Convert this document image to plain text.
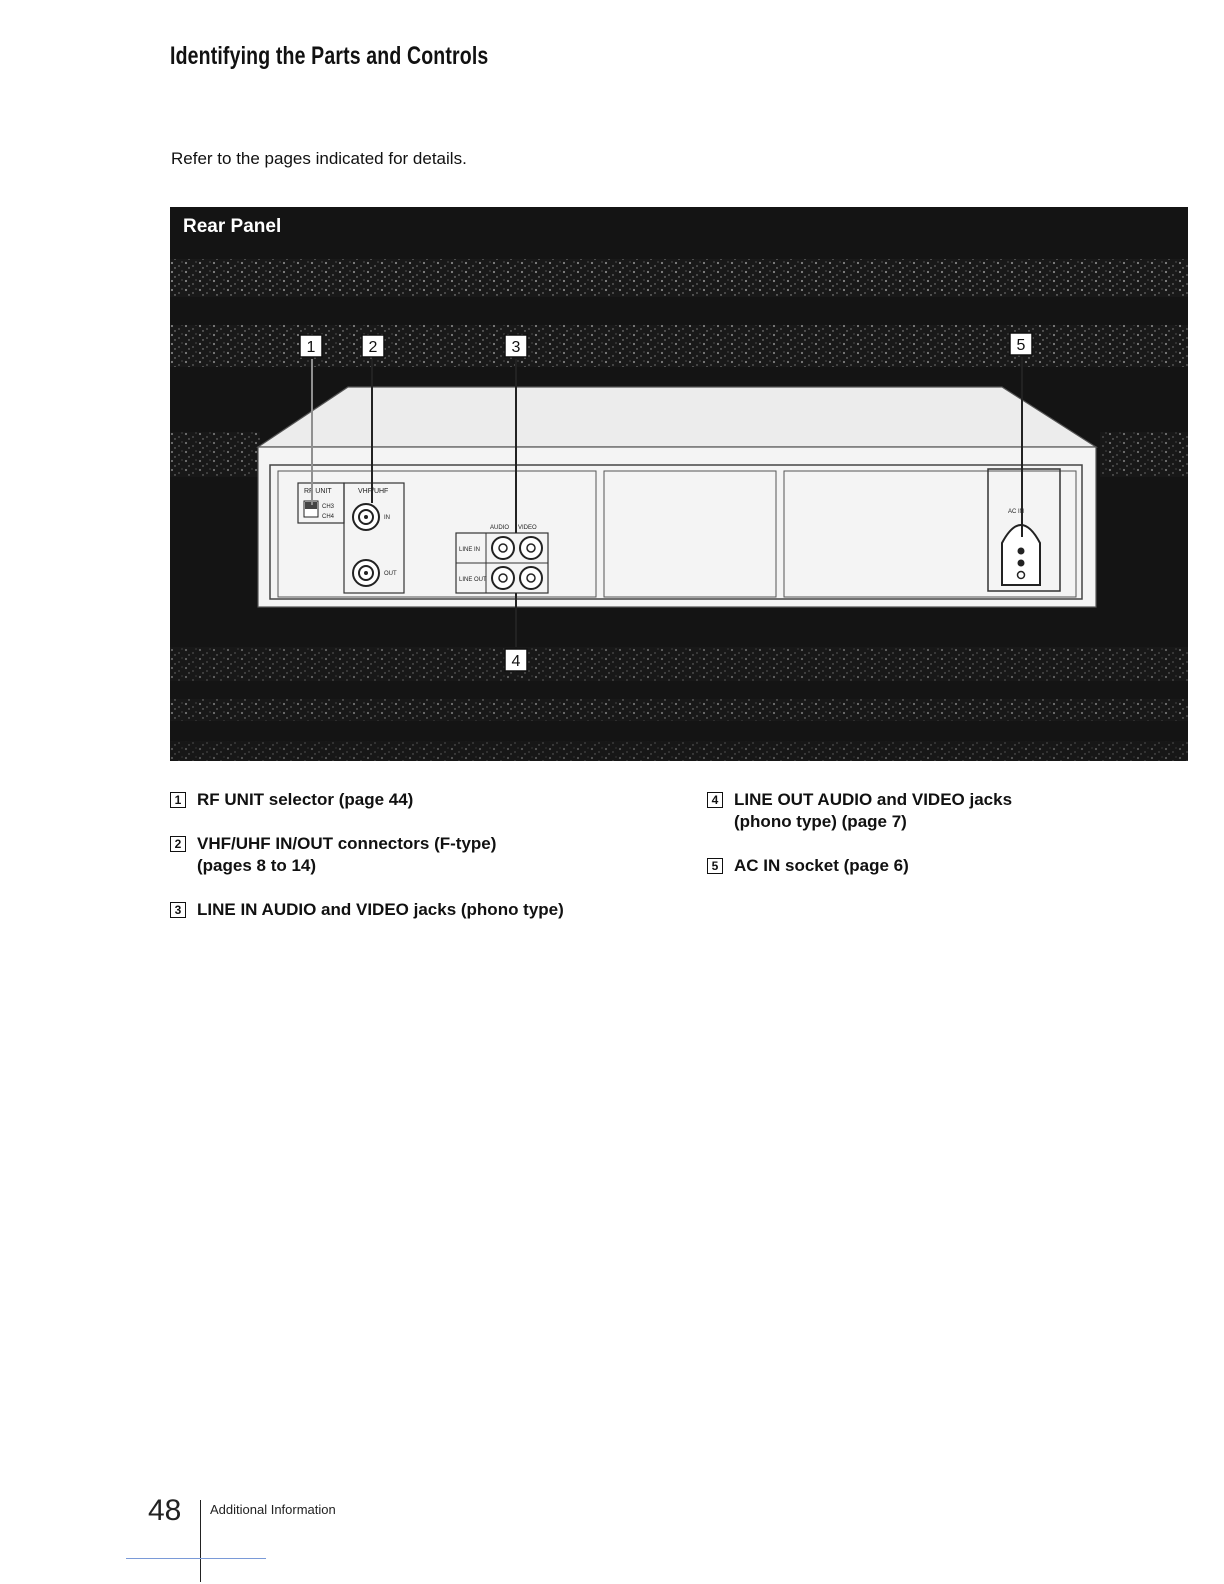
Identifying the Parts and Controls
Refer to the pages indicated for details.
RF UNIT
CH3
CH4
VHF/UHF
IN
OUT
AUDIO VIDEO
LINE IN
LINE OUT
AC IN
1	2	3
4
5
Rear Panel
1 RF UNIT selector (page 44)
2 VHF/UHF IN/OUT connectors (F-type)
(pages 8 to 14)
3 LINE IN AUDIO and VIDEO jacks (phono type)
4 LINE OUT AUDIO and VIDEO jacks
(phono type) (page 7)
5 AC IN socket (page 6)
48 Additional Information
